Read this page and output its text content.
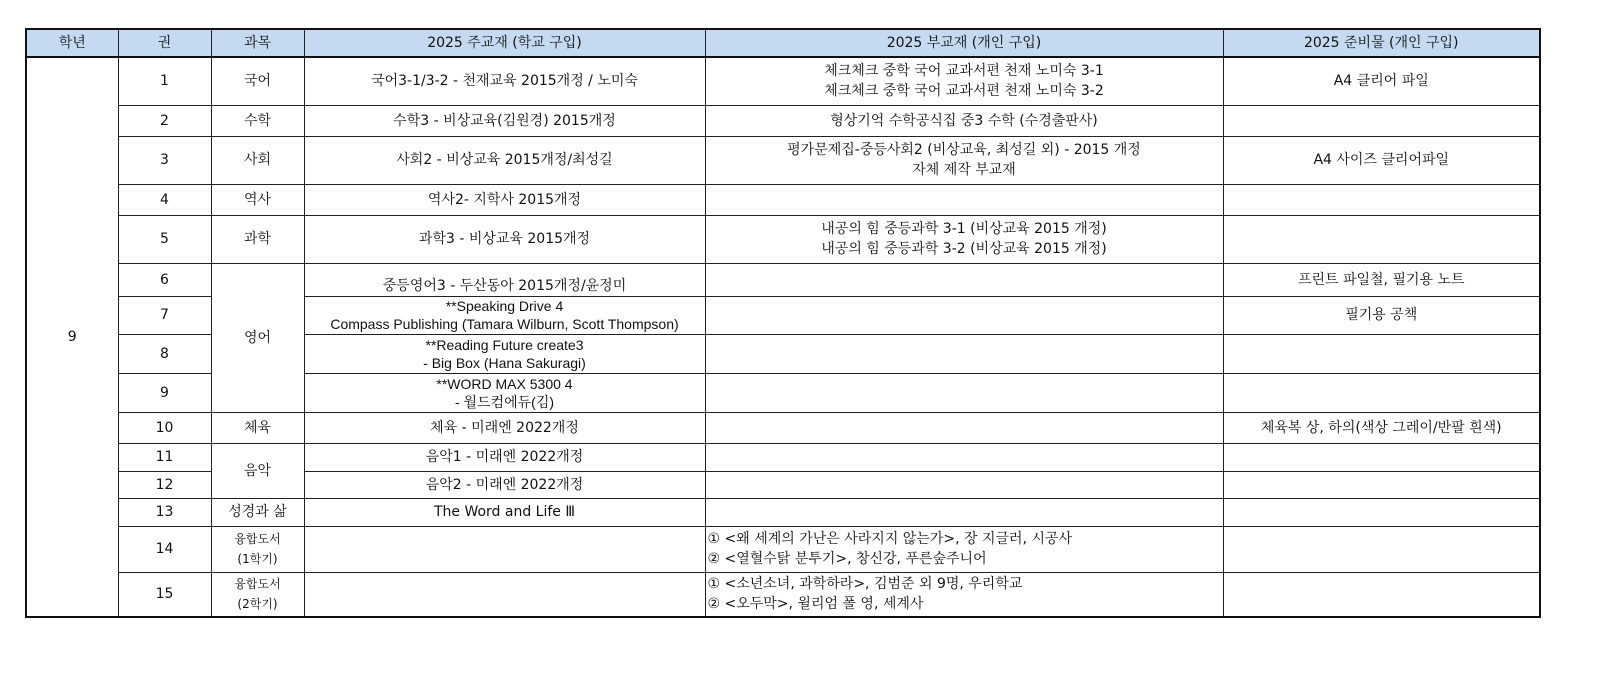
학년	권	과목	2025 주교재 (학교 구입)	2025 부교재 (개인 구입)	2025 준비물 (개인 구입)
9	1	국어	국어3-1/3-2 - 천재교육 2015개정 / 노미숙	체크체크 중학 국어 교과서편 천재 노미숙 3-1
체크체크 중학 국어 교과서편 천재 노미숙 3-2	A4 클리어 파일
	2	수학	수학3 - 비상교육(김원경) 2015개정	형상기억 수학공식집 중3 수학 (수경출판사)	
	3	사회	사회2 - 비상교육 2015개정/최성길	평가문제집-중등사회2 (비상교육, 최성길 외) - 2015 개정
자체 제작 부교재	A4 사이즈 클리어파일
	4	역사	역사2- 지학사 2015개정		
	5	과학	과학3 - 비상교육 2015개정	내공의 힘 중등과학 3-1 (비상교육 2015 개정)
내공의 힘 중등과학 3-2 (비상교육 2015 개정)	

	6	영어	중등영어3 - 두산동아 2015개정/윤정미		프린트 파일철, 필기용 노트
	7		**Speaking Drive 4
Compass Publishing (Tamara Wilburn, Scott Thompson)		필기용 공책
	8		**Reading Future create3
- Big Box (Hana Sakuragi)		

	9		**WORD MAX 5300 4
- 월드컴에듀(김)		

	10	체육	체육 - 미래엔 2022개정		체육복 상, 하의(색상 그레이/반팔 흰색)
	11	음악	음악1 - 미래엔 2022개정		
	12		음악2 - 미래엔 2022개정		
	13	성경과 삶	The Word and Life Ⅲ		
	14	융합도서
(1학기)		① <왜 세계의 가난은 사라지지 않는가>, 장 지글러, 시공사
② <열혈수탉 분투기>, 창신강, 푸른숲주니어	

	15	융합도서
(2학기)		① <소년소녀, 과학하라>, 김범준 외 9명, 우리학교
② <오두막>, 윌리엄 폴 영, 세계사	
